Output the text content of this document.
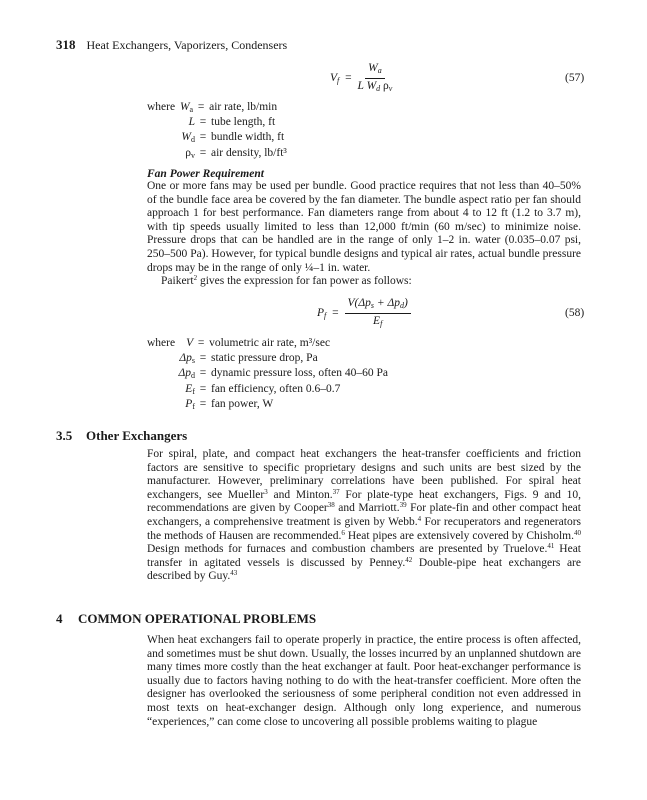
318 Heat Exchangers, Vaporizers, Condensers
$V_f = \frac{W_a}{L W_d \rho_v}$	(57)
where $W_a$ = air rate, lb/min
L = tube length, ft
$W_d$ = bundle width, ft
$\rho_v$ = air density, lb/ft³
Fan Power Requirement

One or more fans may be used per bundle. Good practice requires that not less than 40–50% of the bundle face area be covered by the fan diameter. The bundle aspect ratio per fan should approach 1 for best performance. Fan diameters range from about 4 to 12 ft (1.2 to 3.7 m), with tip speeds usually limited to less than 12,000 ft/min (60 m/sec) to minimize noise. Pressure drops that can be handled are in the range of only 1–2 in. water (0.035–0.07 psi, 250–500 Pa). However, for typical bundle designs and typical air rates, actual bundle pressure drops may be in the range of only ¼–1 in. water.

Paikert$^2$ gives the expression for fan power as follows:

$P_f = \frac{V(\Delta p_s + \Delta p_d)}{E_f}$	(58)
where V = volumetric air rate, m³/sec
$\Delta p_s$ = static pressure drop, Pa
$\Delta p_d$ = dynamic pressure loss, often 40–60 Pa
$E_f$ = fan efficiency, often 0.6–0.7
$P_f$ = fan power, W
3.5 Other Exchangers

For spiral, plate, and compact heat exchangers the heat-transfer coefficients and friction factors are sensitive to specific proprietary designs and such units are best sized by the manufacturer. However, preliminary correlations have been published. For spiral heat exchangers, see Mueller$^3$ and Minton.$^{37}$ For plate-type heat exchangers, Figs. 9 and 10, recommendations are given by Cooper$^{38}$ and Marriott.$^{39}$ For plate-fin and other compact heat exchangers, a comprehensive treatment is given by Webb.$^4$ For recuperators and regenerators the methods of Hausen are recommended.$^6$ Heat pipes are extensively covered by Chisholm.$^{40}$ Design methods for furnaces and combustion chambers are presented by Truelove.$^{41}$ Heat transfer in agitated vessels is discussed by Penney.$^{42}$ Double-pipe heat exchangers are described by Guy.$^{43}$

4 COMMON OPERATIONAL PROBLEMS

When heat exchangers fail to operate properly in practice, the entire process is often affected, and sometimes must be shut down. Usually, the losses incurred by an unplanned shutdown are many times more costly than the heat exchanger at fault. Poor heat-exchanger performance is usually due to factors having nothing to do with the heat-transfer coefficient. More often the designer has overlooked the seriousness of some peripheral condition not even addressed in most texts on heat-exchanger design. Although only long experience, and numerous “experiences,” can come close to uncovering all possible problems waiting to plague
